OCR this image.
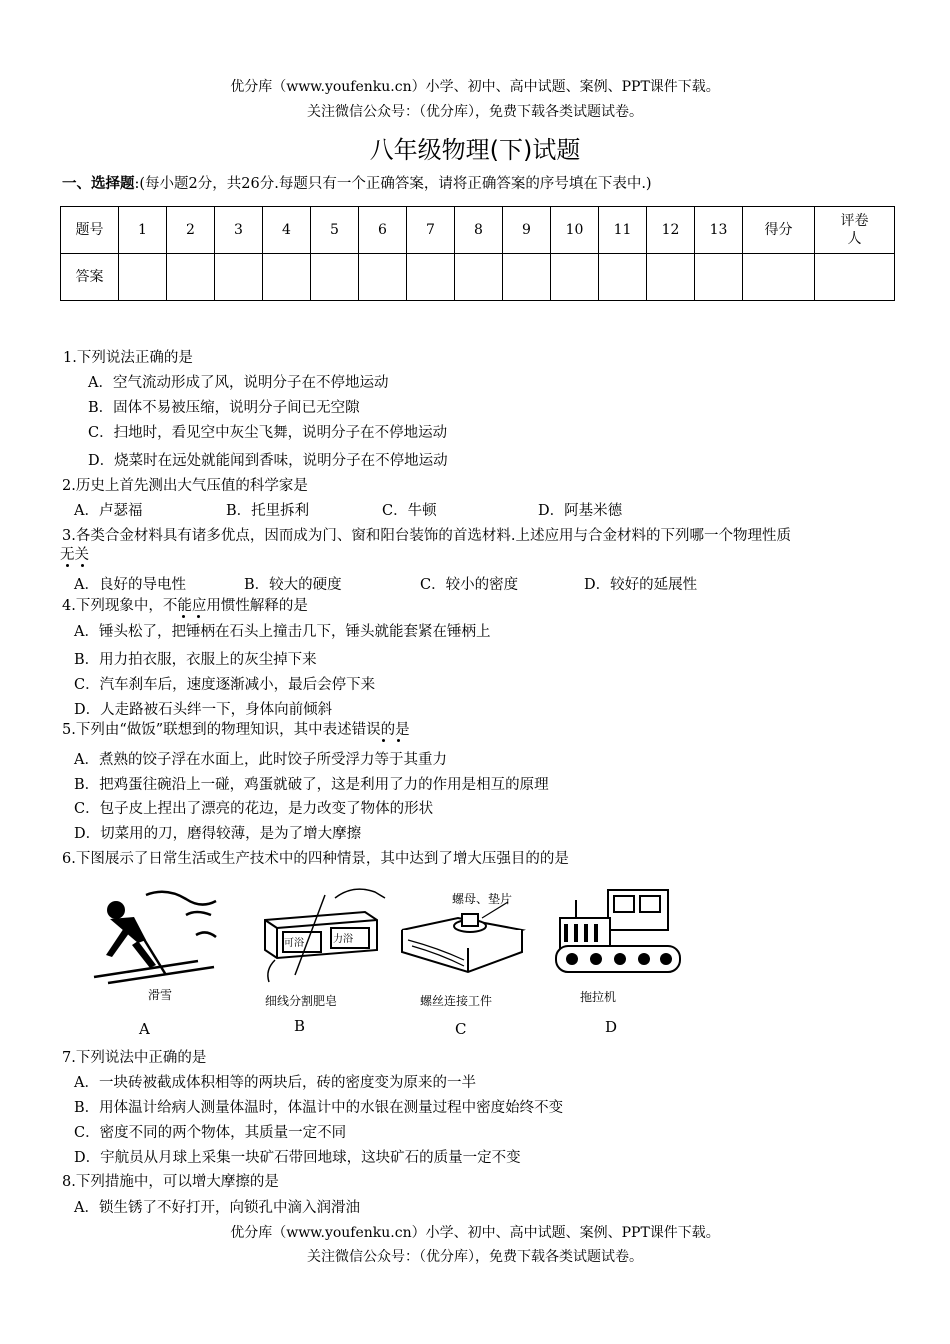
优分库（www.youfenku.cn）小学、初中、高中试题、案例、PPT课件下载。
关注微信公众号：（优分库），免费下载各类试题试卷。
八年级物理(下)试题
一、选择题:(每小题2分，共26分.每题只有一个正确答案，请将正确答案的序号填在下表中.)
题号	1	2	3	4	5	6	7	8	9	10	11	12	13	得分	评卷人
答案															
1.下列说法正确的是
A．空气流动形成了风，说明分子在不停地运动
B．固体不易被压缩，说明分子间已无空隙
C．扫地时，看见空中灰尘飞舞，说明分子在不停地运动
D．烧菜时在远处就能闻到香味，说明分子在不停地运动
2.历史上首先测出大气压值的科学家是
A．卢瑟福	B．托里拆利	C．牛顿	D．阿基米德
3.各类合金材料具有诸多优点，因而成为门、窗和阳台装饰的首选材料.上述应用与合金材料的下列哪一个物理性质
无关
A．良好的导电性	B．较大的硬度	C．较小的密度	D．较好的延展性
4.下列现象中，不能应用惯性解释的是
A．锤头松了，把锤柄在石头上撞击几下，锤头就能套紧在锤柄上
B．用力拍衣服，衣服上的灰尘掉下来
C．汽车刹车后，速度逐渐减小，最后会停下来
D．人走路被石头绊一下，身体向前倾斜
5.下列由“做饭”联想到的物理知识，其中表述错误的是
A．煮熟的饺子浮在水面上，此时饺子所受浮力等于其重力
B．把鸡蛋往碗沿上一碰，鸡蛋就破了，这是利用了力的作用是相互的原理
C．包子皮上捏出了漂亮的花边，是力改变了物体的形状
D．切菜用的刀，磨得较薄，是为了增大摩擦
6.下图展示了日常生活或生产技术中的四种情景，其中达到了增大压强目的的是
滑雪
A
可浴	力浴
细线分割肥皂
B
螺母、垫片
螺丝连接工件
C
拖拉机
D
7.下列说法中正确的是
A．一块砖被截成体积相等的两块后，砖的密度变为原来的一半
B．用体温计给病人测量体温时，体温计中的水银在测量过程中密度始终不变
C．密度不同的两个物体，其质量一定不同
D．宇航员从月球上采集一块矿石带回地球，这块矿石的质量一定不变
8.下列措施中，可以增大摩擦的是
A．锁生锈了不好打开，向锁孔中滴入润滑油
优分库（www.youfenku.cn）小学、初中、高中试题、案例、PPT课件下载。
关注微信公众号：（优分库），免费下载各类试题试卷。
